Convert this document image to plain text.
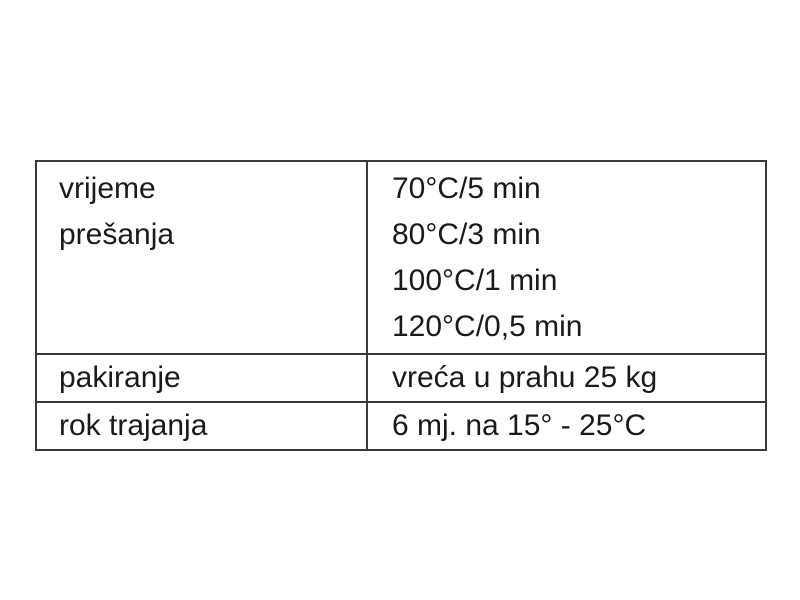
vrijeme
prešanja	70°C/5 min
80°C/3 min
100°C/1 min
120°C/0,5 min

pakiranje	vreća u prahu 25 kg

rok trajanja	6 mj. na 15° - 25°C
